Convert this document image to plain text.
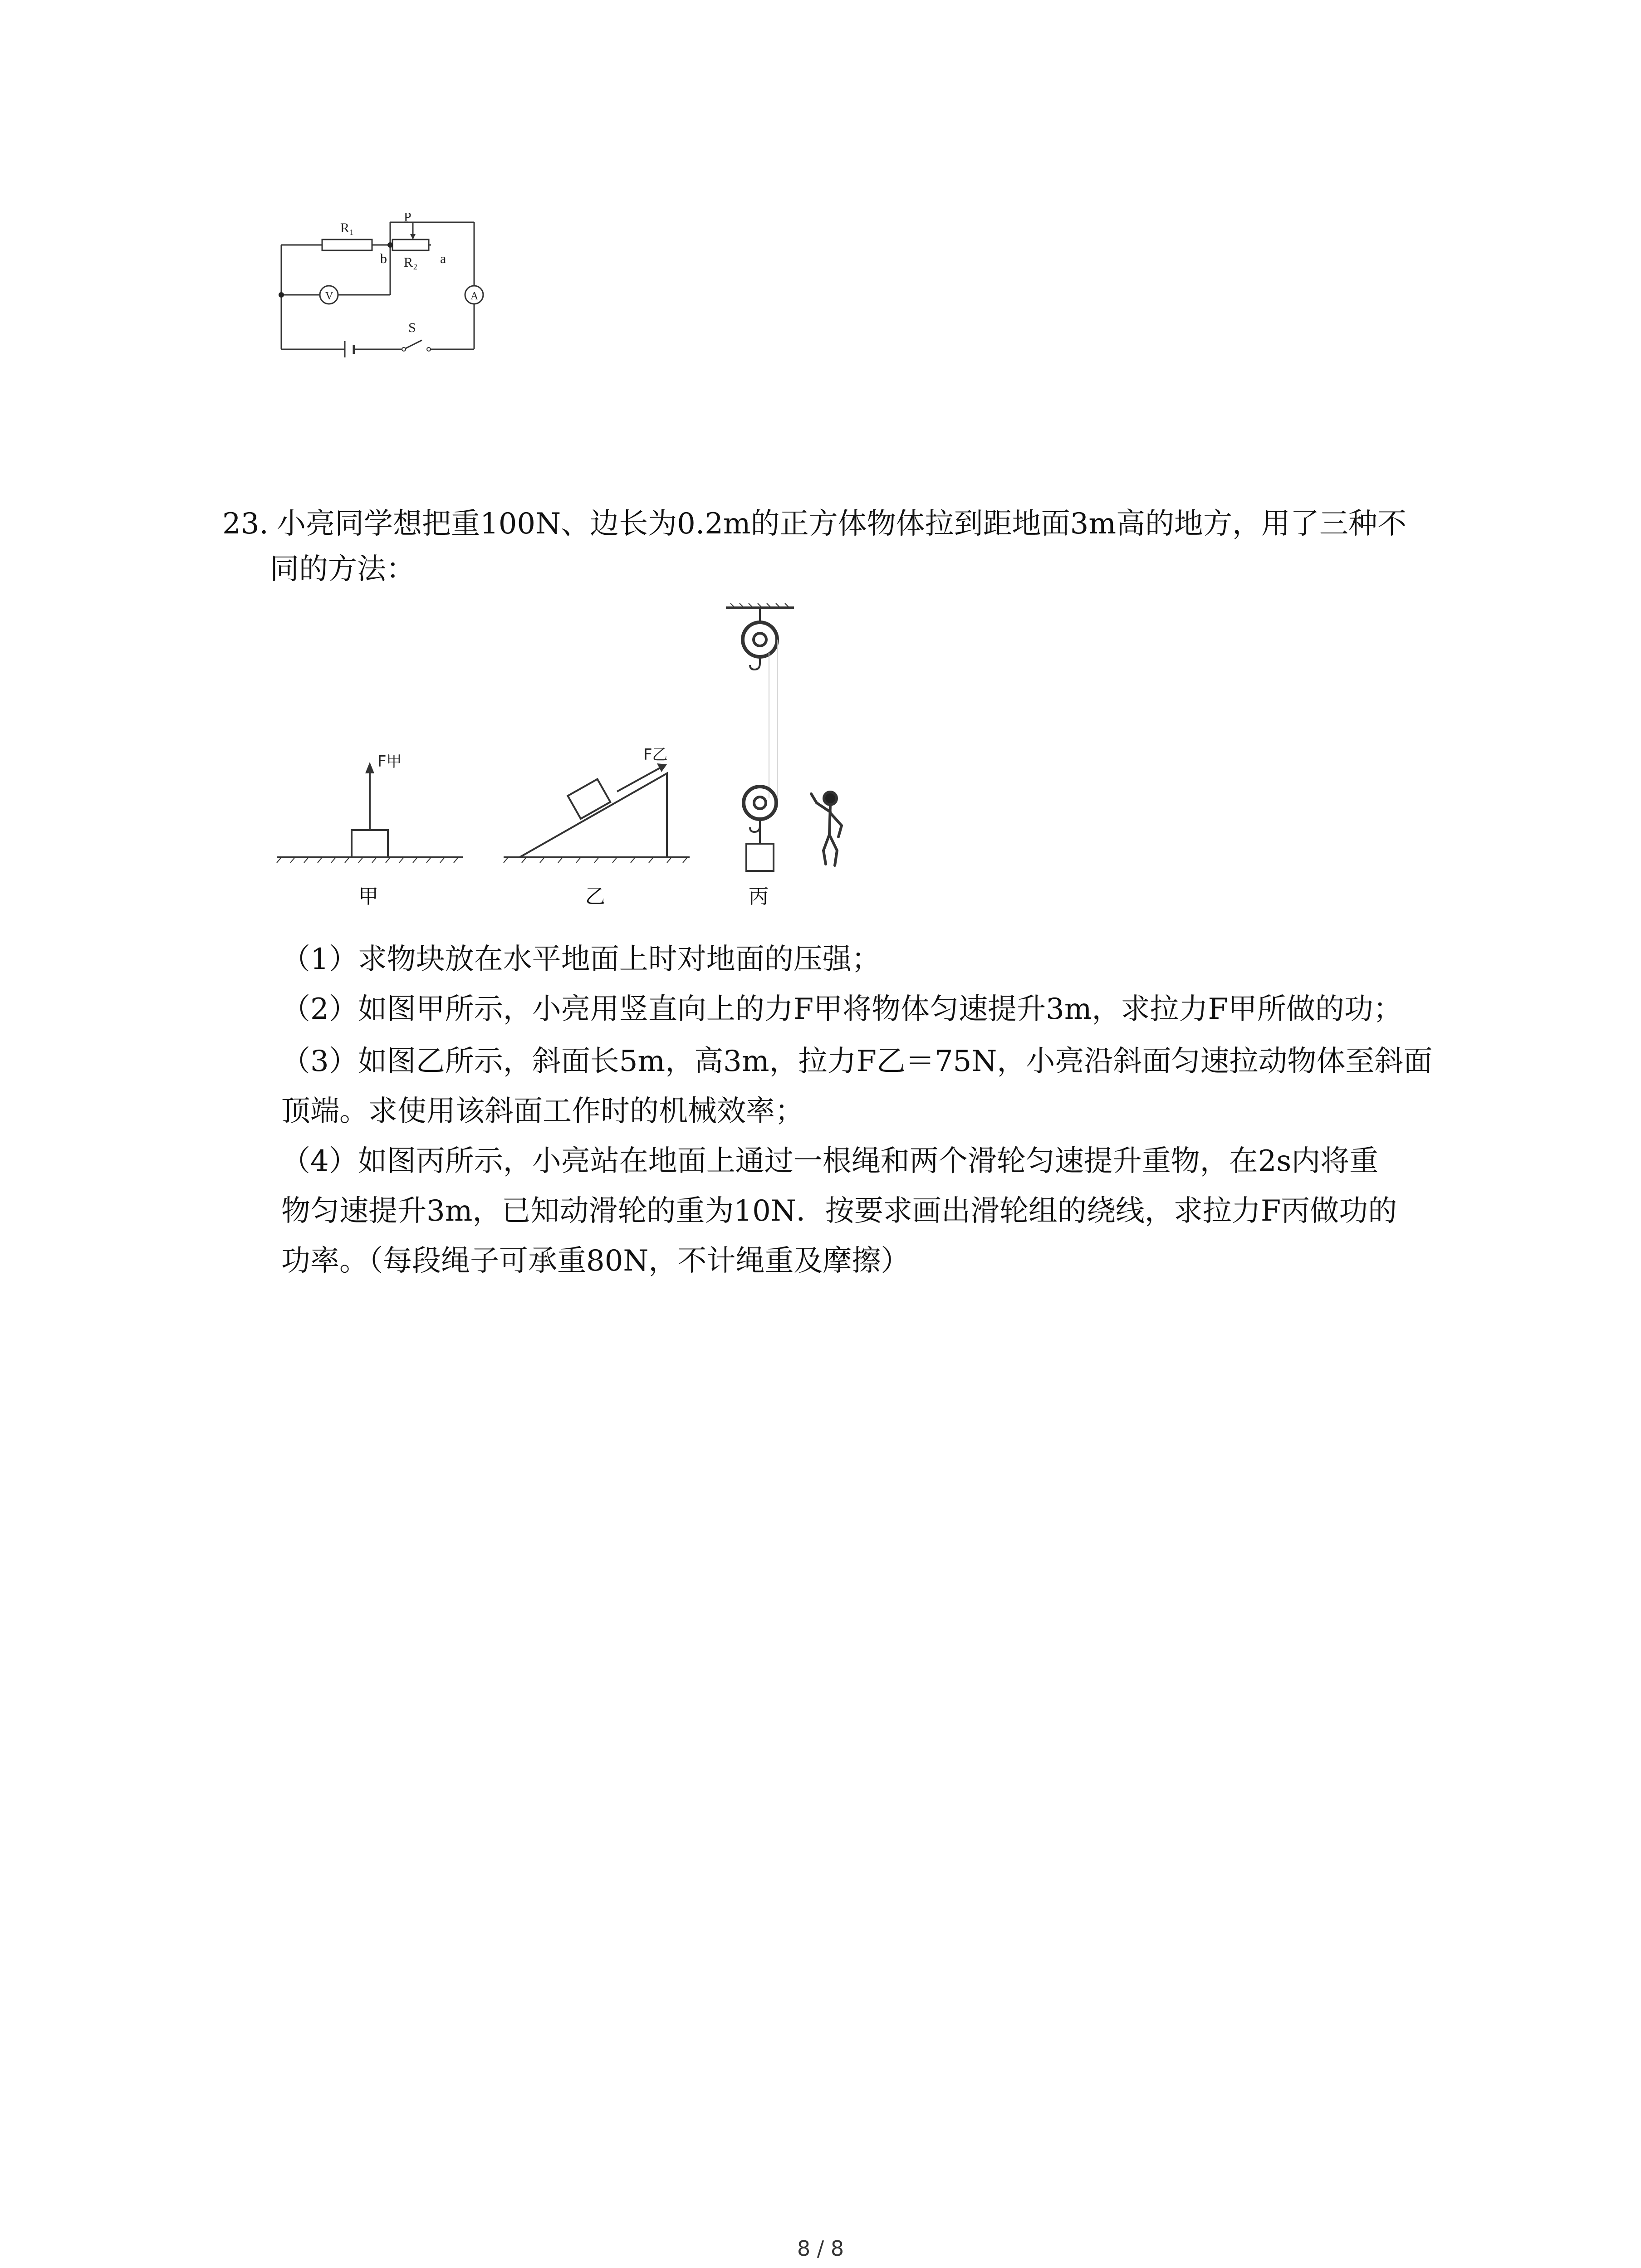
R₁
P
b R₂ a
V	A
S
23. 小亮同学想把重100N、边长为0.2m的正方体物体拉到距地面3m高的地方，用了三种不
同的方法：
F甲	F乙
甲	乙	丙
（1）求物块放在水平地面上时对地面的压强；
（2）如图甲所示，小亮用竖直向上的力F甲将物体匀速提升3m，求拉力F甲所做的功；
（3）如图乙所示，斜面长5m，高3m，拉力F乙＝75N，小亮沿斜面匀速拉动物体至斜面
顶端。求使用该斜面工作时的机械效率；
（4）如图丙所示，小亮站在地面上通过一根绳和两个滑轮匀速提升重物，在2s内将重
物匀速提升3m，已知动滑轮的重为10N．按要求画出滑轮组的绕线，求拉力F丙做功的
功率。（每段绳子可承重80N，不计绳重及摩擦）
8 / 8
